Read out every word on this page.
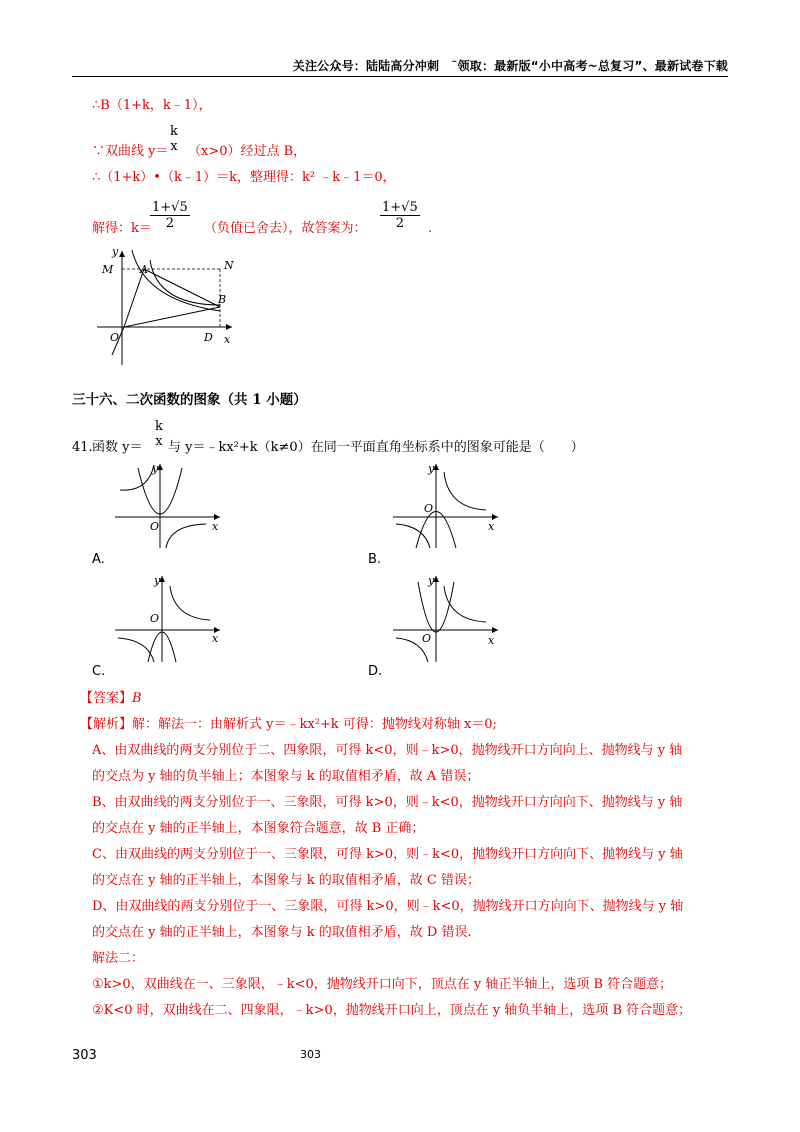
关注公众号：陆陆高分冲刺　˜领取：最新版“小中高考~总复习”、最新试卷下载
∴B（1+k，k﹣1），
∵双曲线 y＝
k
x （x>0）经过点 B，
∴（1+k）•（k﹣1）＝k，整理得：k² ﹣k﹣1＝0，
解得：k＝
$\frac{1+√5}{2}$ （负值已舍去），故答案为： $\frac{1+√5}{2}$ .
y
M A	N
B
O	D x
三十六、二次函数的图象（共 1 小题）
41. 函数 y＝
k
x 与 y＝﹣kx²+k（k≠0）在同一平面直角坐标系中的图象可能是（　　）
y
O	x
A.
y
O
x
B.
y
O
x
C.
y
O	x
D.
【答案】B
【解析】解：解法一：由解析式 y＝﹣kx²+k 可得：抛物线对称轴 x＝0;
A、由双曲线的两支分别位于二、四象限，可得 k<0，则﹣k>0，抛物线开口方向向上、抛物线与 y 轴
的交点为 y 轴的负半轴上；本图象与 k 的取值相矛盾，故 A 错误；
B、由双曲线的两支分别位于一、三象限，可得 k>0，则﹣k<0，抛物线开口方向向下、抛物线与 y 轴
的交点在 y 轴的正半轴上，本图象符合题意，故 B 正确；
C、由双曲线的两支分别位于一、三象限，可得 k>0，则﹣k<0，抛物线开口方向向下、抛物线与 y 轴
的交点在 y 轴的正半轴上，本图象与 k 的取值相矛盾，故 C 错误；
D、由双曲线的两支分别位于一、三象限，可得 k>0，则﹣k<0，抛物线开口方向向下、抛物线与 y 轴
的交点在 y 轴的正半轴上，本图象与 k 的取值相矛盾，故 D 错误.
解法二：
①k>0，双曲线在一、三象限，﹣k<0，抛物线开口向下，顶点在 y 轴正半轴上，选项 B 符合题意；
②K<0 时，双曲线在二、四象限，﹣k>0，抛物线开口向上，顶点在 y 轴负半轴上，选项 B 符合题意；
303	303
